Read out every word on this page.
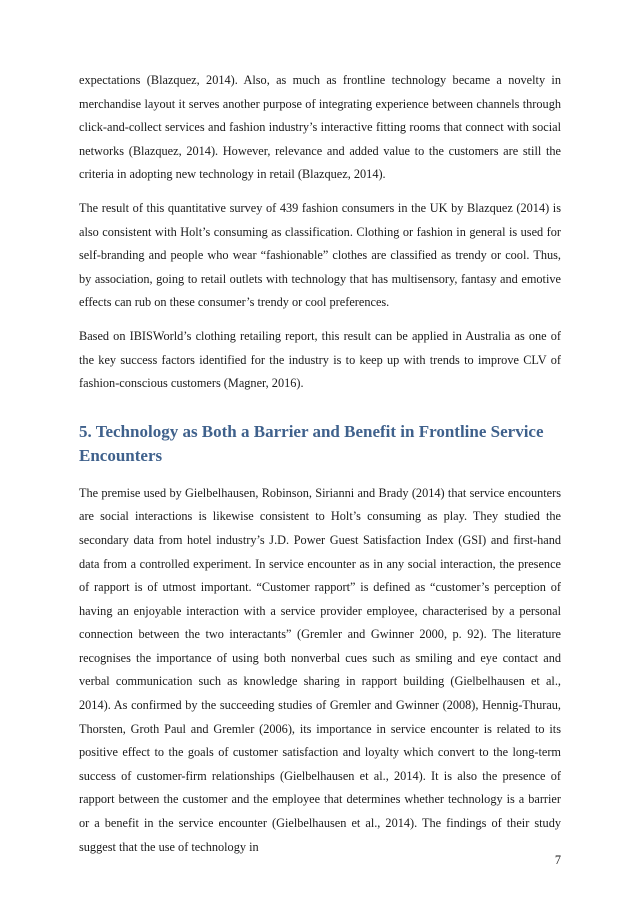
expectations (Blazquez, 2014). Also, as much as frontline technology became a novelty in merchandise layout it serves another purpose of integrating experience between channels through click-and-collect services and fashion industry’s interactive fitting rooms that connect with social networks (Blazquez, 2014). However, relevance and added value to the customers are still the criteria in adopting new technology in retail (Blazquez, 2014).

The result of this quantitative survey of 439 fashion consumers in the UK by Blazquez (2014) is also consistent with Holt’s consuming as classification. Clothing or fashion in general is used for self-branding and people who wear “fashionable” clothes are classified as trendy or cool. Thus, by association, going to retail outlets with technology that has multisensory, fantasy and emotive effects can rub on these consumer’s trendy or cool preferences.

Based on IBISWorld’s clothing retailing report, this result can be applied in Australia as one of the key success factors identified for the industry is to keep up with trends to improve CLV of fashion-conscious customers (Magner, 2016).

5. Technology as Both a Barrier and Benefit in Frontline Service Encounters

The premise used by Gielbelhausen, Robinson, Sirianni and Brady (2014) that service encounters are social interactions is likewise consistent to Holt’s consuming as play. They studied the secondary data from hotel industry’s J.D. Power Guest Satisfaction Index (GSI) and first-hand data from a controlled experiment. In service encounter as in any social interaction, the presence of rapport is of utmost important. “Customer rapport” is defined as “customer’s perception of having an enjoyable interaction with a service provider employee, characterised by a personal connection between the two interactants” (Gremler and Gwinner 2000, p. 92). The literature recognises the importance of using both nonverbal cues such as smiling and eye contact and verbal communication such as knowledge sharing in rapport building (Gielbelhausen et al., 2014). As confirmed by the succeeding studies of Gremler and Gwinner (2008), Hennig-Thurau, Thorsten, Groth Paul and Gremler (2006), its importance in service encounter is related to its positive effect to the goals of customer satisfaction and loyalty which convert to the long-term success of customer-firm relationships (Gielbelhausen et al., 2014). It is also the presence of rapport between the customer and the employee that determines whether technology is a barrier or a benefit in the service encounter (Gielbelhausen et al., 2014). The findings of their study suggest that the use of technology in

7
